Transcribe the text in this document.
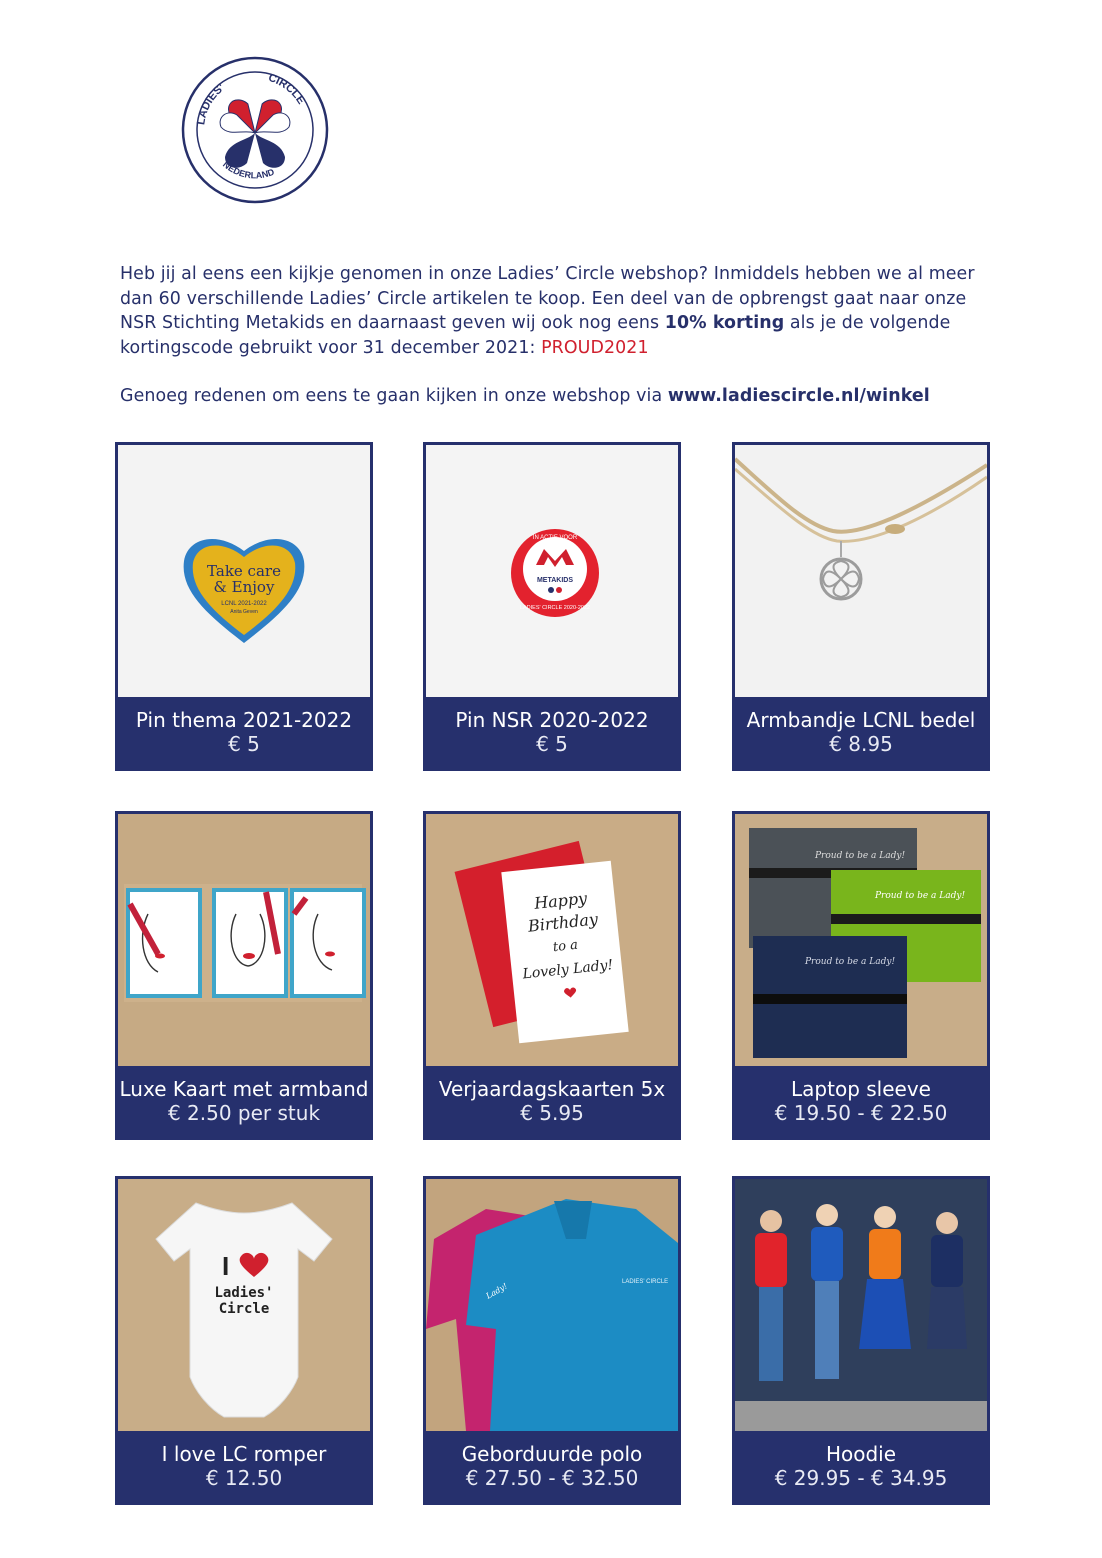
LADIES'
CIRCLE
NEDERLAND

Heb jij al eens een kijkje genomen in onze Ladies’ Circle webshop? Inmiddels hebben we al meer dan 60 verschillende Ladies’ Circle artikelen te koop. Een deel van de opbrengst gaat naar onze NSR Stichting Metakids en daarnaast geven wij ook nog eens 10% korting als je de volgende kortingscode gebruikt voor 31 december 2021: PROUD2021

Genoeg redenen om eens te gaan kijken in onze webshop via www.ladiescircle.nl/winkel

Take care
& Enjoy
LCNL 2021-2022
Anita Geven
Pin thema 2021-2022
€ 5
IN ACTIE VOOR
METAKIDS
LADIES' CIRCLE 2020-2022
Pin NSR 2020-2022
€ 5
Armbandje LCNL bedel
€ 8.95
Luxe Kaart met armband
€ 2.50 per stuk
Happy
Birthday
to a
Lovely Lady!
Verjaardagskaarten 5x
€ 5.95
Proud to be a Lady!
Proud to be a Lady!
Proud to be a Lady!
Laptop sleeve
€ 19.50 - € 22.50
I
Ladies'
Circle
I love LC romper
€ 12.50
LADIES' CIRCLE
Lady!
Geborduurde polo
€ 27.50 - € 32.50
Hoodie
€ 29.95 - € 34.95
